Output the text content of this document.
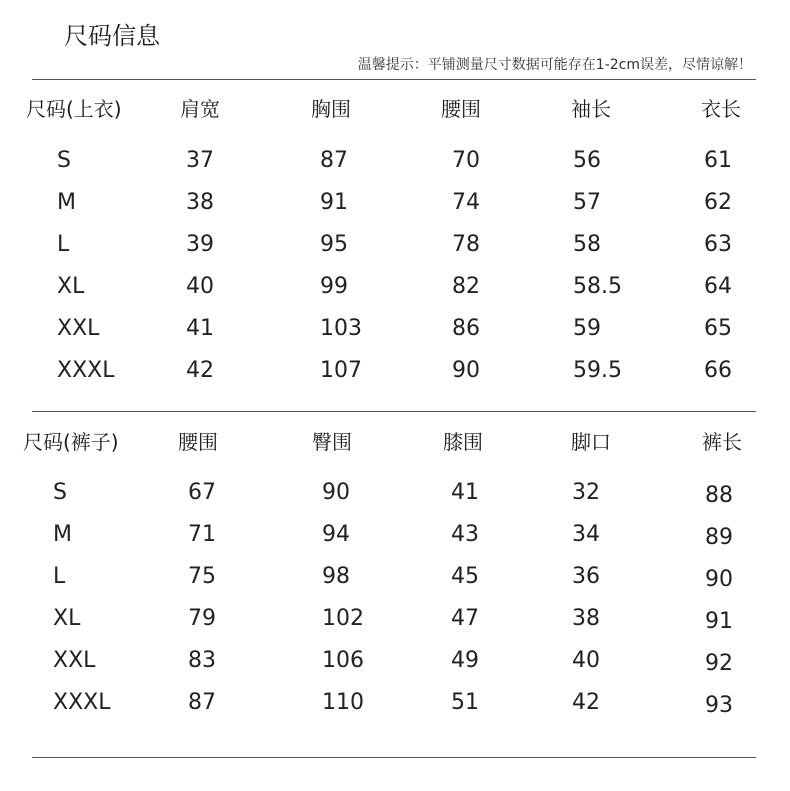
尺码信息
温馨提示：平铺测量尺寸数据可能存在1-2cm误差，尽情谅解！
尺码(上衣)	肩宽	胸围	腰围	袖长	衣长
S	37	87	70	56	61
M	38	91	74	57	62
L	39	95	78	58	63
XL	40	99	82	58.5	64
XXL	41	103	86	59	65
XXXL	42	107	90	59.5	66
尺码(裤子)	腰围	臀围	膝围	脚口	裤长
S	67	90	41	32	88
M	71	94	43	34	89
L	75	98	45	36	90
XL	79	102	47	38	91
XXL	83	106	49	40	92
XXXL	87	110	51	42	93
